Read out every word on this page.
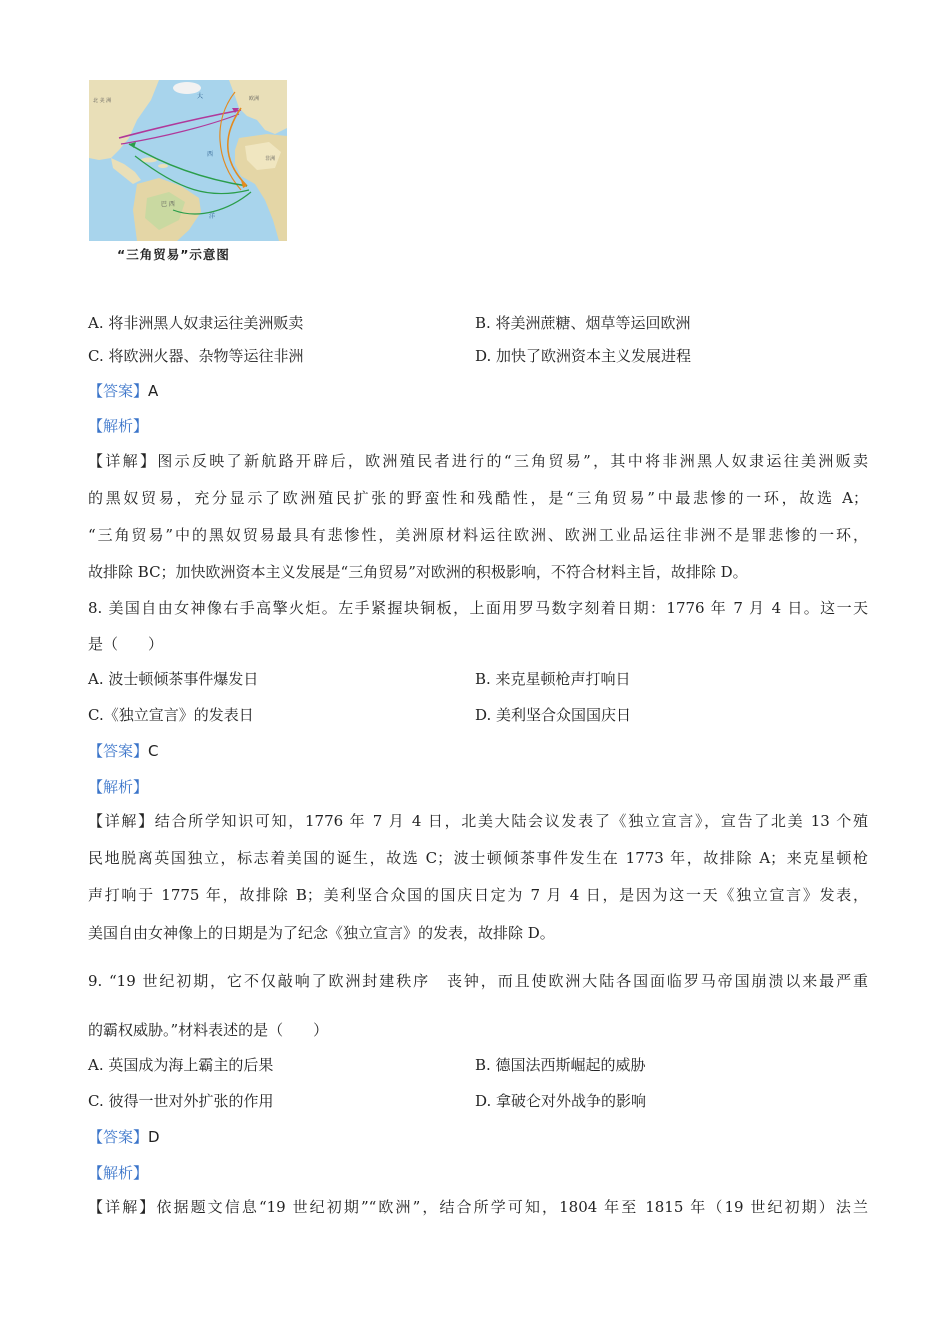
北 美 洲
大
西
洋
欧洲
非洲
巴 西
“三角贸易”示意图
A. 将非洲黑人奴隶运往美洲贩卖	B. 将美洲蔗糖、烟草等运回欧洲
C. 将欧洲火器、杂物等运往非洲	D. 加快了欧洲资本主义发展进程
【答案】A
【解析】
【详解】图示反映了新航路开辟后，欧洲殖民者进行的“三角贸易”，其中将非洲黑人奴隶运往美洲贩卖
的黑奴贸易，充分显示了欧洲殖民扩张的野蛮性和残酷性，是“三角贸易”中最悲惨的一环，故选 A；
“三角贸易”中的黑奴贸易最具有悲惨性，美洲原材料运往欧洲、欧洲工业品运往非洲不是罪悲惨的一环，
故排除 BC；加快欧洲资本主义发展是“三角贸易”对欧洲的积极影响，不符合材料主旨，故排除 D。
8. 美国自由女神像右手高擎火炬。左手紧握块铜板，上面用罗马数字刻着日期：1776 年 7 月 4 日。这一天
是（　　）
A. 波士顿倾茶事件爆发日	B. 来克星顿枪声打响日
C.《独立宣言》的发表日	D. 美利坚合众国国庆日
【答案】C
【解析】
【详解】结合所学知识可知，1776 年 7 月 4 日，北美大陆会议发表了《独立宣言》，宣告了北美 13 个殖
民地脱离英国独立，标志着美国的诞生，故选 C；波士顿倾茶事件发生在 1773 年，故排除 A；来克星顿枪
声打响于 1775 年，故排除 B；美利坚合众国的国庆日定为 7 月 4 日，是因为这一天《独立宣言》发表，
美国自由女神像上的日期是为了纪念《独立宣言》的发表，故排除 D。
9. “19 世纪初期，它不仅敲响了欧洲封建秩序　丧钟，而且使欧洲大陆各国面临罗马帝国崩溃以来最严重
的霸权威胁。”材料表述的是（　　）
A. 英国成为海上霸主的后果	B. 德国法西斯崛起的威胁
C. 彼得一世对外扩张的作用	D. 拿破仑对外战争的影响
【答案】D
【解析】
【详解】依据题文信息“19 世纪初期”“欧洲”，结合所学可知，1804 年至 1815 年（19 世纪初期）法兰
